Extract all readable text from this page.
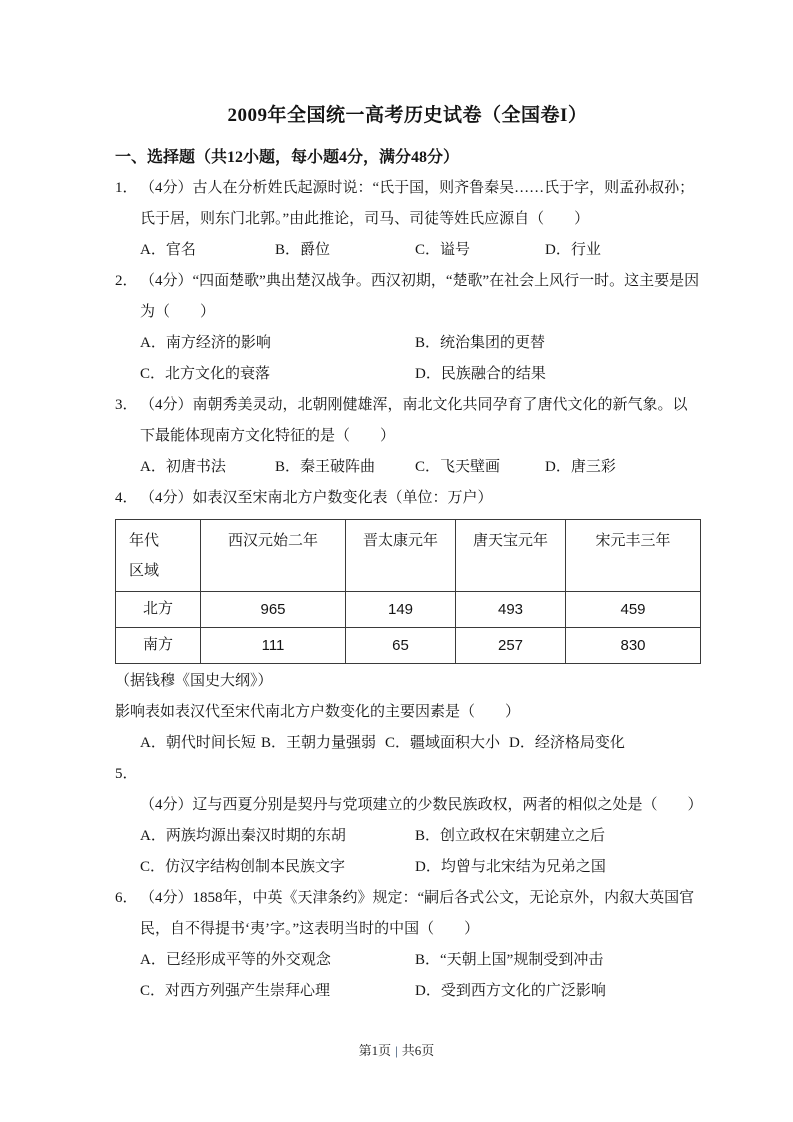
2009年全国统一高考历史试卷（全国卷I）
一、选择题（共12小题，每小题4分，满分48分）
1． （4分）古人在分析姓氏起源时说：“氏于国，则齐鲁秦吴……氏于字，则孟孙叔孙；氏于居，则东门北郭。”由此推论，司马、司徒等姓氏应源自（　　）
A．官名	B．爵位	C．谥号	D．行业
2． （4分）“四面楚歌”典出楚汉战争。西汉初期，“楚歌”在社会上风行一时。这主要是因为（　　）
A．南方经济的影响	B．统治集团的更替
C．北方文化的衰落	D．民族融合的结果
3． （4分）南朝秀美灵动，北朝刚健雄浑，南北文化共同孕育了唐代文化的新气象。以下最能体现南方文化特征的是（　　）
A．初唐书法	B．秦王破阵曲	C．飞天壁画	D．唐三彩
4． （4分）如表汉至宋南北方户数变化表（单位：万户）
年代
区域	西汉元始二年	晋太康元年	唐天宝元年	宋元丰三年
北方	965	149	493	459
南方	111	65	257	830
（据钱穆《国史大纲》）
影响表如表汉代至宋代南北方户数变化的主要因素是（　　）
A．朝代时间长短 B．王朝力量强弱 C．疆域面积大小 D．经济格局变化
5．（4分）辽与西夏分别是契丹与党项建立的少数民族政权，两者的相似之处是（　　）
A．两族均源出秦汉时期的东胡	B．创立政权在宋朝建立之后
C．仿汉字结构创制本民族文字	D．均曾与北宋结为兄弟之国
6． （4分）1858年，中英《天津条约》规定：“嗣后各式公文，无论京外，内叙大英国官民，自不得提书‘夷’字。”这表明当时的中国（　　）
A．已经形成平等的外交观念	B．“天朝上国”规制受到冲击
C．对西方列强产生崇拜心理	D．受到西方文化的广泛影响
第1页 | 共6页
